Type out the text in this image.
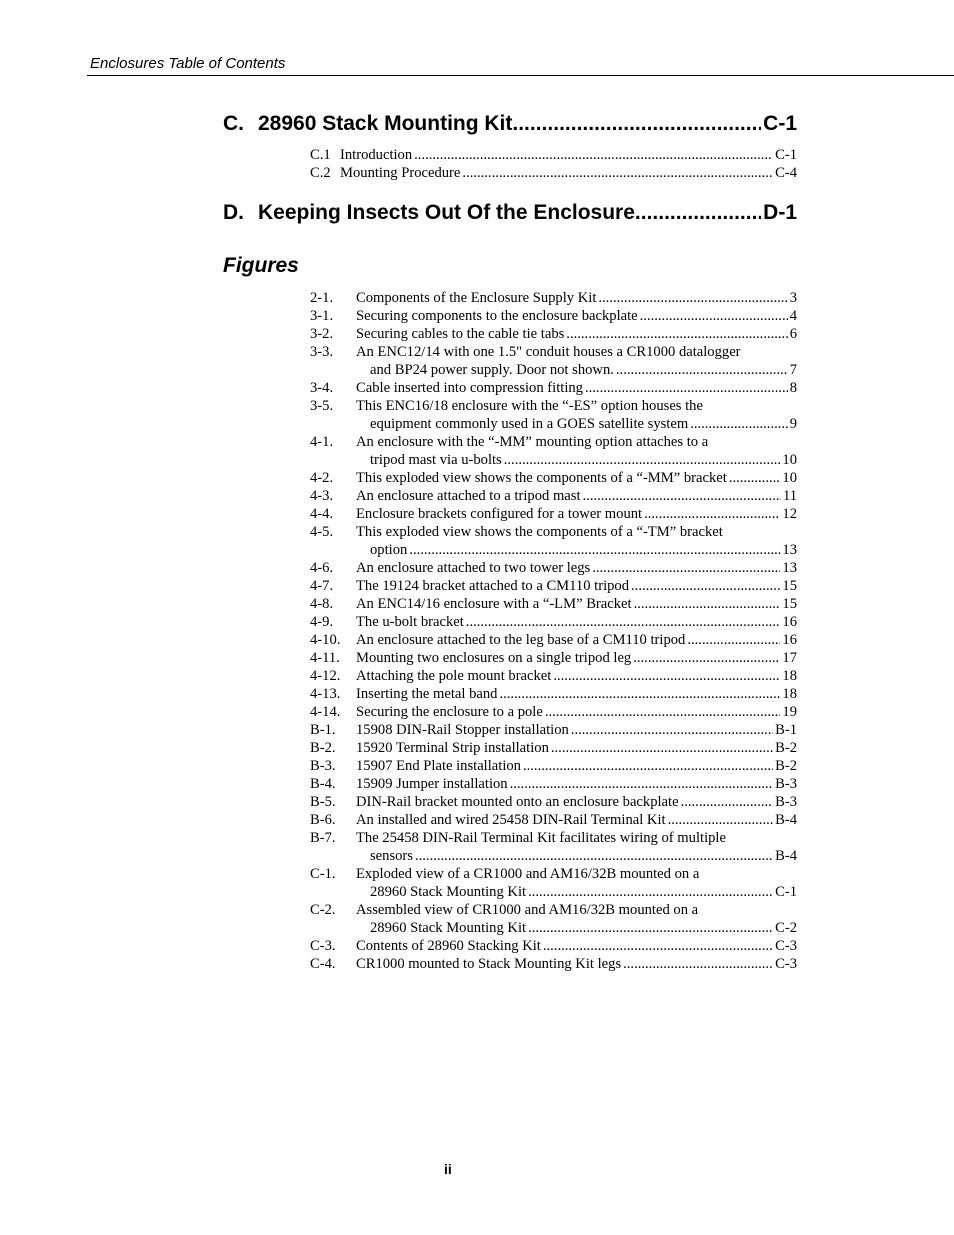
Enclosures Table of Contents
C. 28960 Stack Mounting Kit .....	C-1
C.1 Introduction .....	C-1
C.2 Mounting Procedure .....	C-4
D. Keeping Insects Out Of the Enclosure .....	D-1
Figures
2-1.	Components of the Enclosure Supply Kit .....	3
3-1.	Securing components to the enclosure backplate .....	4
3-2.	Securing cables to the cable tie tabs .....	6
3-3.	An ENC12/14 with one 1.5" conduit houses a CR1000 datalogger
and BP24 power supply. Door not shown. .....	7
3-4.	Cable inserted into compression fitting .....	8
3-5.	This ENC16/18 enclosure with the “-ES” option houses the
equipment commonly used in a GOES satellite system .....	9
4-1.	An enclosure with the “-MM” mounting option attaches to a
tripod mast via u-bolts .....	10
4-2.	This exploded view shows the components of a “-MM” bracket .....	10
4-3.	An enclosure attached to a tripod mast .....	11
4-4.	Enclosure brackets configured for a tower mount .....	12
4-5.	This exploded view shows the components of a “-TM” bracket
option .....	13
4-6.	An enclosure attached to two tower legs .....	13
4-7.	The 19124 bracket attached to a CM110 tripod .....	15
4-8.	An ENC14/16 enclosure with a “-LM” Bracket .....	15
4-9.	The u-bolt bracket .....	16
4-10.	An enclosure attached to the leg base of a CM110 tripod .....	16
4-11.	Mounting two enclosures on a single tripod leg .....	17
4-12.	Attaching the pole mount bracket .....	18
4-13.	Inserting the metal band .....	18
4-14.	Securing the enclosure to a pole .....	19
B-1.	15908 DIN-Rail Stopper installation .....	B-1
B-2.	15920 Terminal Strip installation .....	B-2
B-3.	15907 End Plate installation .....	B-2
B-4.	15909 Jumper installation .....	B-3
B-5.	DIN-Rail bracket mounted onto an enclosure backplate .....	B-3
B-6.	An installed and wired 25458 DIN-Rail Terminal Kit .....	B-4
B-7.	The 25458 DIN-Rail Terminal Kit facilitates wiring of multiple
sensors .....	B-4
C-1.	Exploded view of a CR1000 and AM16/32B mounted on a
28960 Stack Mounting Kit .....	C-1
C-2.	Assembled view of CR1000 and AM16/32B mounted on a
28960 Stack Mounting Kit .....	C-2
C-3.	Contents of 28960 Stacking Kit .....	C-3
C-4.	CR1000 mounted to Stack Mounting Kit legs .....	C-3
ii
